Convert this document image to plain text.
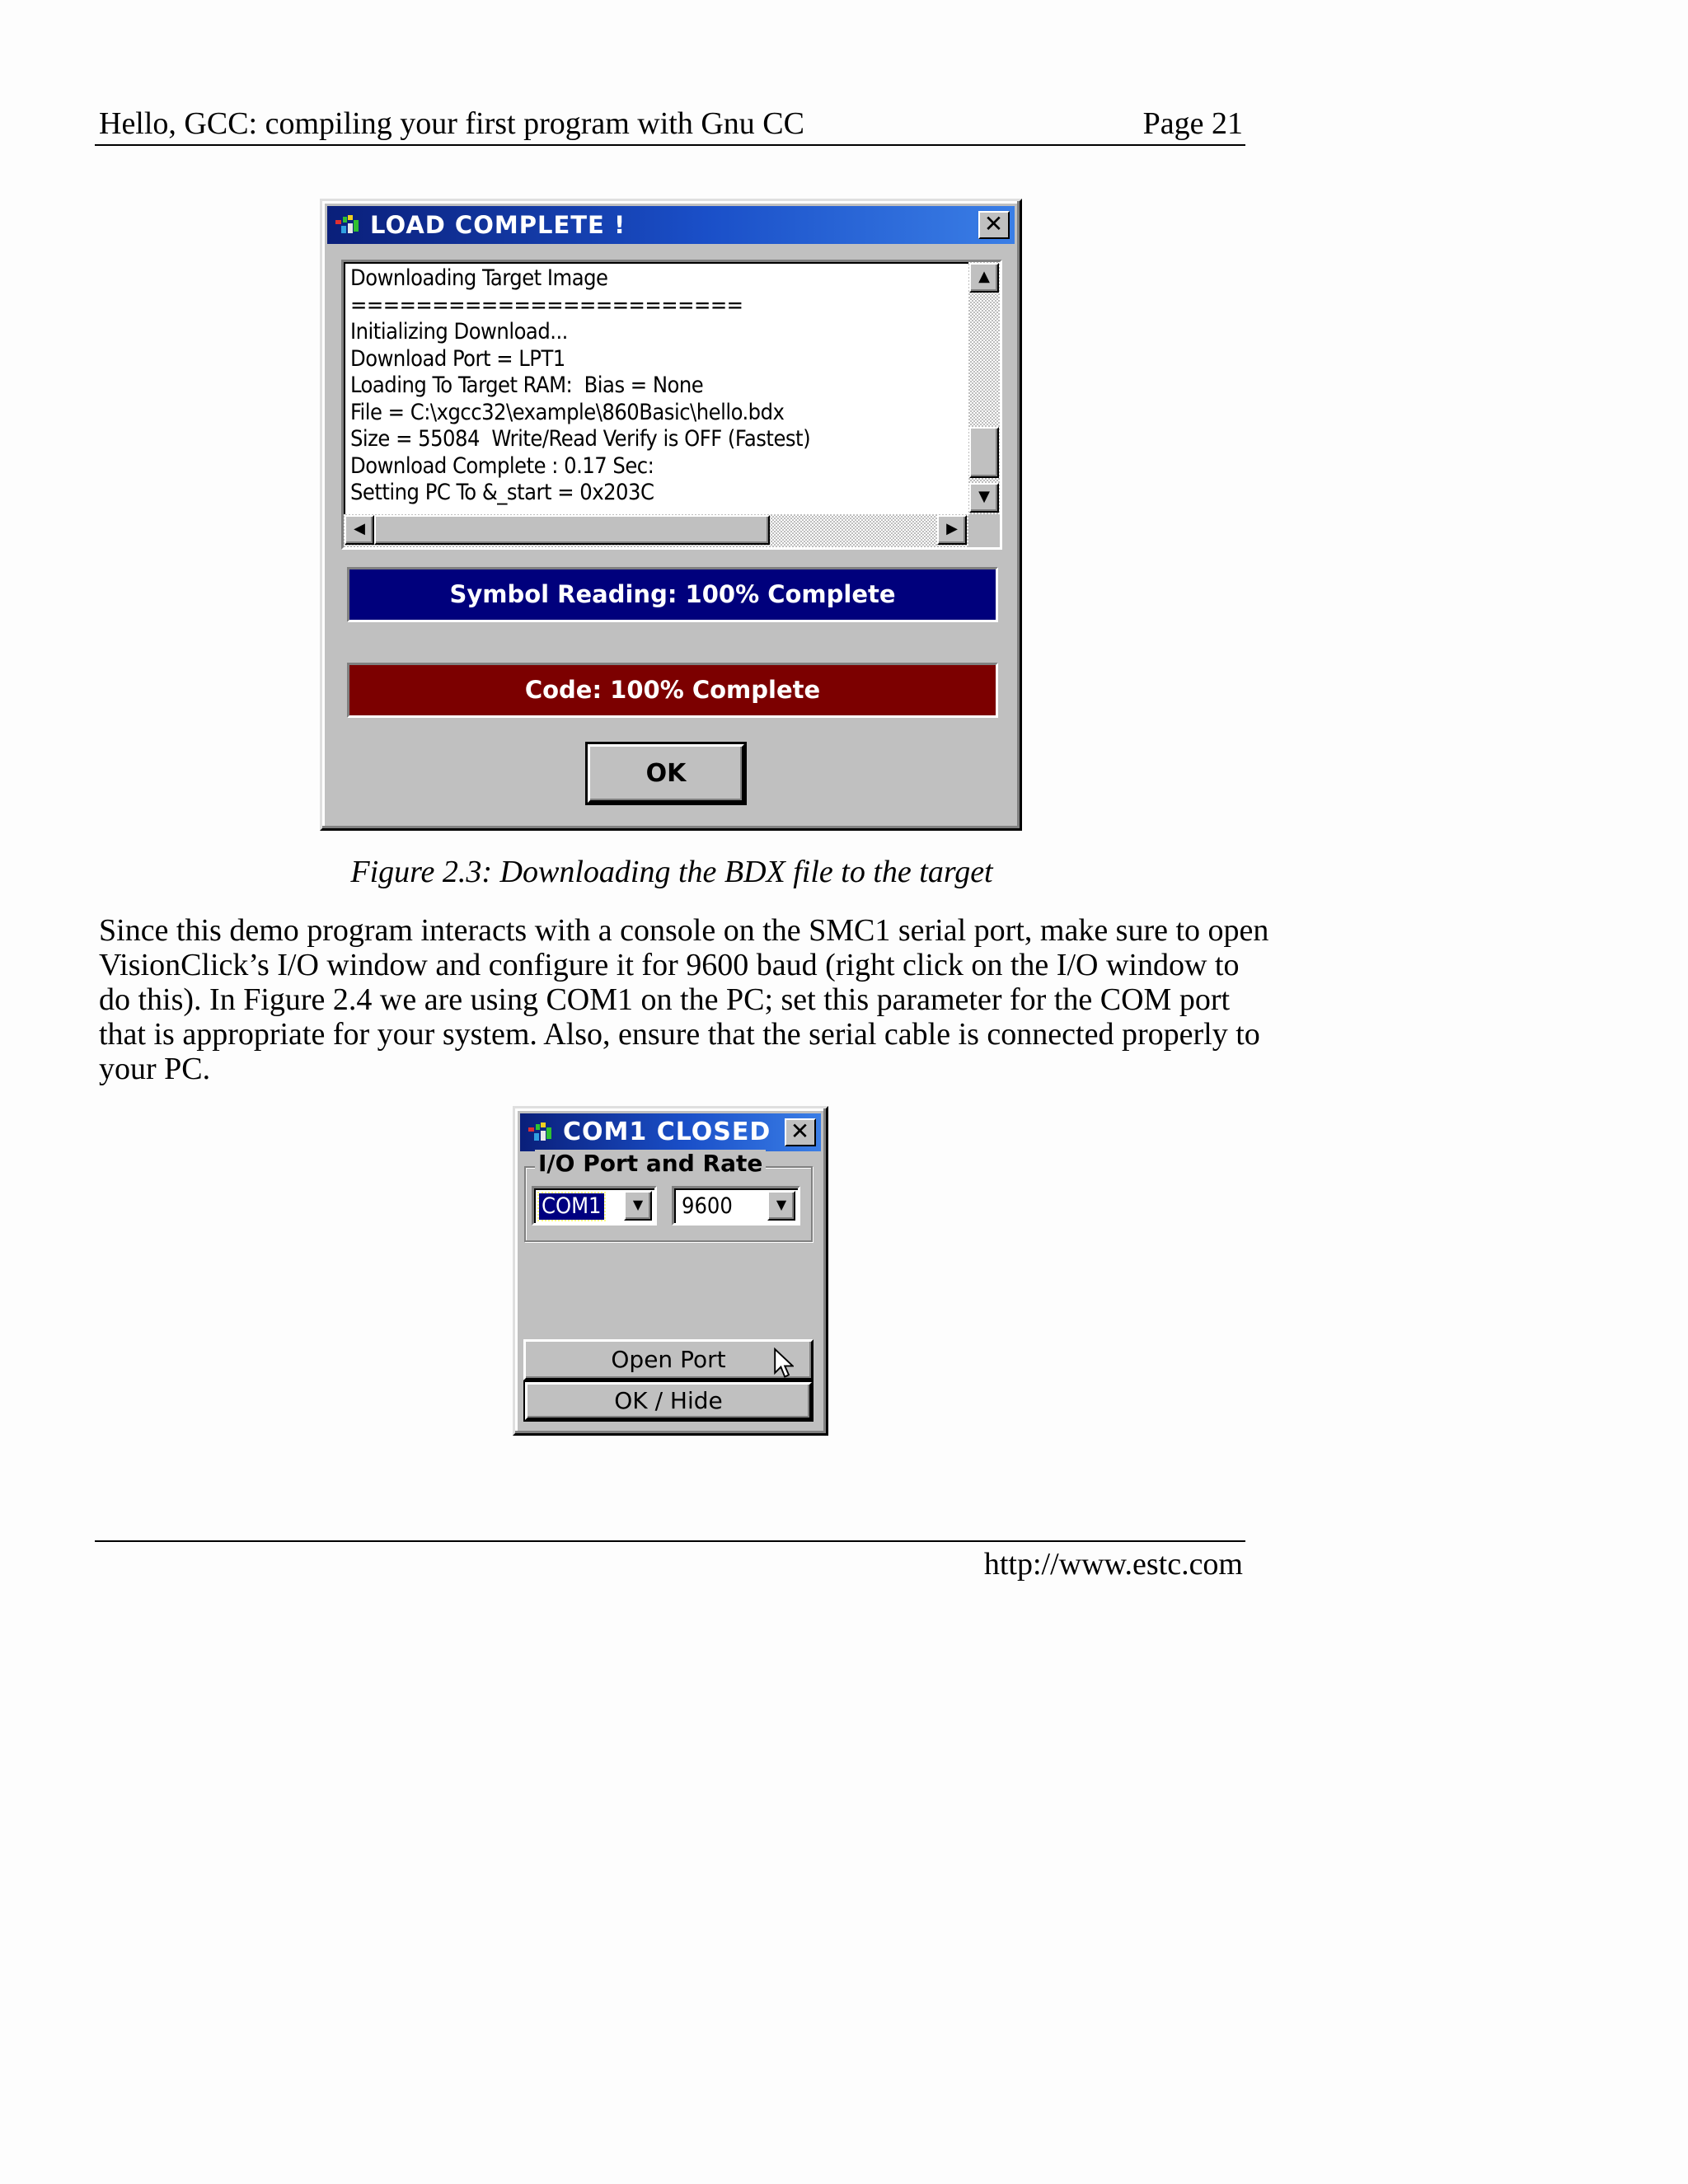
Hello, GCC: compiling your first program with Gnu CC	Page 21
LOAD COMPLETE !	✕
Downloading Target Image
========================
Initializing Download...
Download Port = LPT1
Loading To Target RAM:  Bias = None
File = C:\xgcc32\example\860Basic\hello.bdx
Size = 55084  Write/Read Verify is OFF (Fastest)
Download Complete : 0.17 Sec:
Setting PC To &_start = 0x203C
▲
▼
◀	▶
Symbol Reading: 100% Complete
Code: 100% Complete
OK
Figure 2.3: Downloading the BDX file to the target
Since this demo program interacts with a console on the SMC1 serial port, make sure to open
VisionClick’s I/O window and configure it for 9600 baud (right click on the I/O window to
do this). In Figure 2.4 we are using COM1 on the PC; set this parameter for the COM port
that is appropriate for your system. Also, ensure that the serial cable is connected properly to
your PC.
COM1 CLOSED ✕
I/O Port and Rate
COM1	▼	9600	▼
Open Port
OK / Hide
http://www.estc.com
